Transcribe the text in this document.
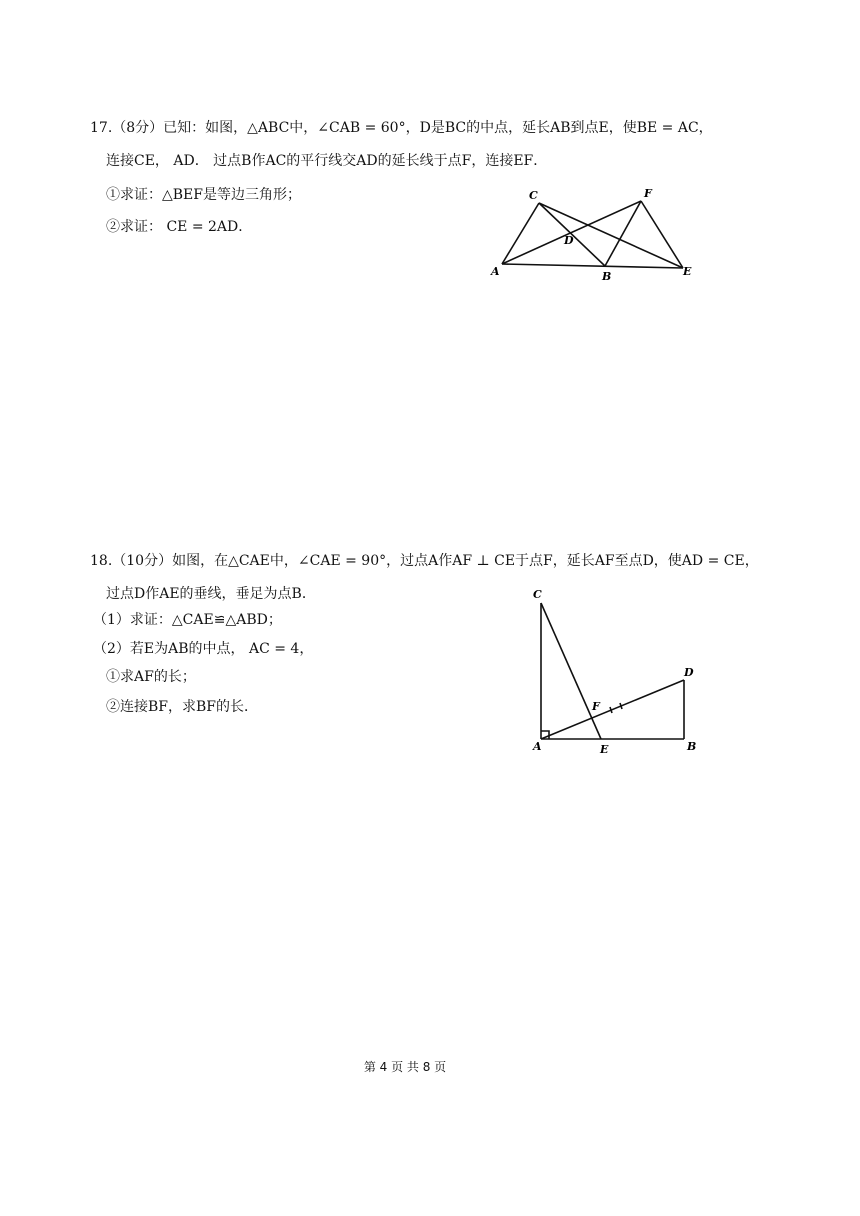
17.（8分）已知：如图，△ABC中，∠CAB = 60°，D是BC的中点，延长AB到点E，使BE = AC，
连接CE， AD． 过点B作AC的平行线交AD的延长线于点F，连接EF．
①求证：△BEF是等边三角形；
②求证： CE = 2AD．
C	F
D
A	B	E
18.（10分）如图，在△CAE中，∠CAE = 90°，过点A作AF ⊥ CE于点F，延长AF至点D，使AD = CE，
过点D作AE的垂线，垂足为点B．
（1）求证：△CAE≌△ABD；
（2）若E为AB的中点， AC = 4，
①求AF的长；
②连接BF，求BF的长．
C
D
F
A	E	B
第 4 页 共 8 页
